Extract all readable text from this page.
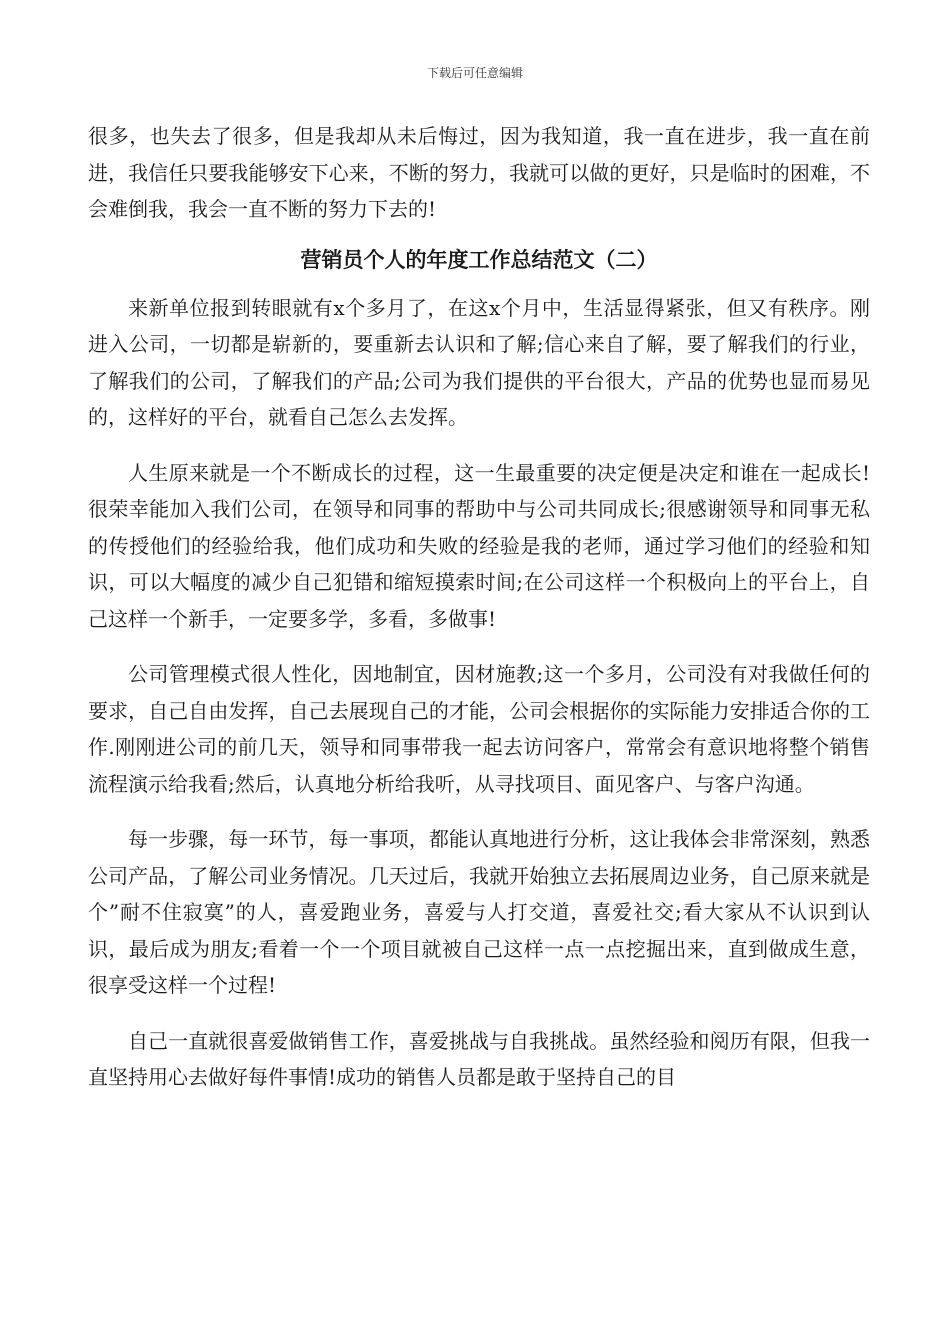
下载后可任意编辑

很多，也失去了很多，但是我却从未后悔过，因为我知道，我一直在进步，我一直在前进，我信任只要我能够安下心来，不断的努力，我就可以做的更好，只是临时的困难，不会难倒我，我会一直不断的努力下去的!

营销员个人的年度工作总结范文（二）

来新单位报到转眼就有x个多月了，在这x个月中，生活显得紧张，但又有秩序。刚进入公司，一切都是崭新的，要重新去认识和了解;信心来自了解，要了解我们的行业，了解我们的公司，了解我们的产品;公司为我们提供的平台很大，产品的优势也显而易见的，这样好的平台，就看自己怎么去发挥。

人生原来就是一个不断成长的过程，这一生最重要的决定便是决定和谁在一起成长!很荣幸能加入我们公司，在领导和同事的帮助中与公司共同成长;很感谢领导和同事无私的传授他们的经验给我，他们成功和失败的经验是我的老师，通过学习他们的经验和知识，可以大幅度的减少自己犯错和缩短摸索时间;在公司这样一个积极向上的平台上，自己这样一个新手，一定要多学，多看，多做事!

公司管理模式很人性化，因地制宜，因材施教;这一个多月，公司没有对我做任何的要求，自己自由发挥，自己去展现自己的才能，公司会根据你的实际能力安排适合你的工作.刚刚进公司的前几天，领导和同事带我一起去访问客户，常常会有意识地将整个销售流程演示给我看;然后，认真地分析给我听，从寻找项目、面见客户、与客户沟通。

每一步骤，每一环节，每一事项，都能认真地进行分析，这让我体会非常深刻，熟悉公司产品，了解公司业务情况。几天过后，我就开始独立去拓展周边业务，自己原来就是个”耐不住寂寞”的人，喜爱跑业务，喜爱与人打交道，喜爱社交;看大家从不认识到认识，最后成为朋友;看着一个一个项目就被自己这样一点一点挖掘出来，直到做成生意，很享受这样一个过程!

自己一直就很喜爱做销售工作，喜爱挑战与自我挑战。虽然经验和阅历有限，但我一直坚持用心去做好每件事情!成功的销售人员都是敢于坚持自己的目
